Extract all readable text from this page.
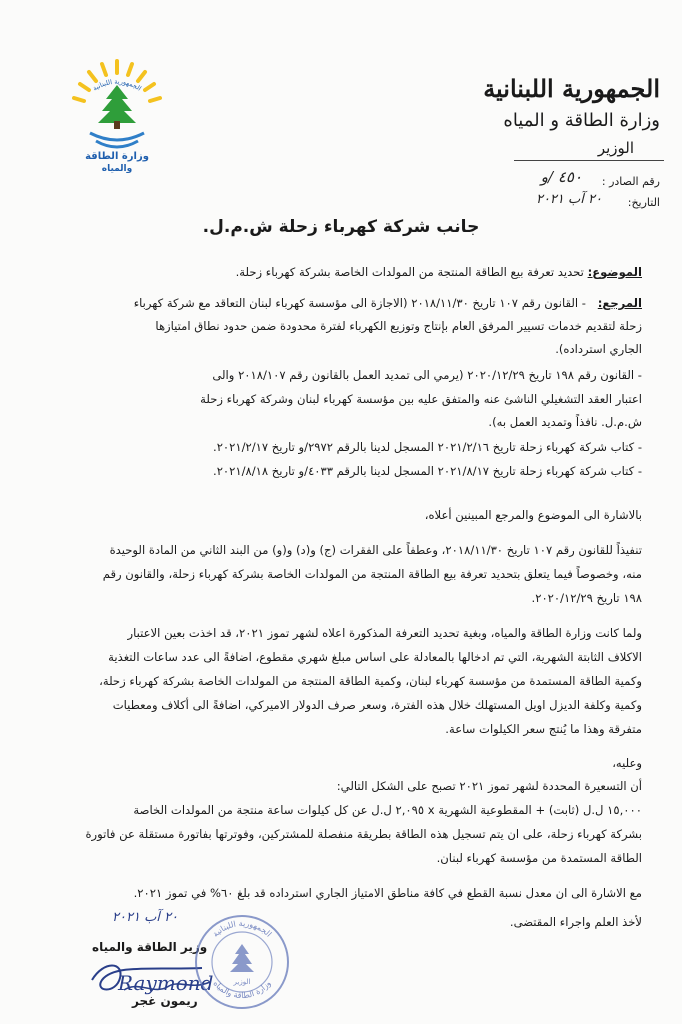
الجمهورية اللبنانية
وزارة الطاقة
والمياه
الجمهورية اللبنانية
وزارة الطاقة و المياه
الوزير
رقم الصادر :
٤٥٠ /و
التاريخ:
٢٠ آب ٢٠٢١
جانب شركة كهرباء زحلة ش.م.ل.
الموضوع: تحديد تعرفة بيع الطاقة المنتجة من المولدات الخاصة بشركة كهرباء زحلة.
المرجع:
- القانون رقم ١٠٧ تاريخ ٢٠١٨/١١/٣٠ (الاجازة الى مؤسسة كهرباء لبنان التعاقد مع شركة كهرباء
زحلة لتقديم خدمات تسيير المرفق العام بإنتاج وتوزيع الكهرباء لفترة محدودة ضمن حدود نطاق امتيازها
الجاري استرداده).
- القانون رقم ١٩٨ تاريخ ٢٠٢٠/١٢/٢٩ (يرمي الى تمديد العمل بالقانون رقم ٢٠١٨/١٠٧ والى
اعتبار العقد التشغيلي الناشئ عنه والمتفق عليه بين مؤسسة كهرباء لبنان وشركة كهرباء زحلة
ش.م.ل. نافذاً وتمديد العمل به).
- كتاب شركة كهرباء زحلة تاريخ ٢٠٢١/٢/١٦ المسجل لدينا بالرقم ٢٩٧٢/و تاريخ ٢٠٢١/٢/١٧.
- كتاب شركة كهرباء زحلة تاريخ ٢٠٢١/٨/١٧ المسجل لدينا بالرقم ٤٠٣٣/و تاريخ ٢٠٢١/٨/١٨.
بالاشارة الى الموضوع والمرجع المبينين أعلاه،
تنفيذاً للقانون رقم ١٠٧ تاريخ ٢٠١٨/١١/٣٠، وعطفاً على الفقرات (ج) و(د) و(و) من البند الثاني من المادة الوحيدة
منه، وخصوصاً فيما يتعلق بتحديد تعرفة بيع الطاقة المنتجة من المولدات الخاصة بشركة كهرباء زحلة، والقانون رقم
١٩٨ تاريخ ٢٠٢٠/١٢/٢٩.
ولما كانت وزارة الطاقة والمياه، وبغية تحديد التعرفة المذكورة اعلاه لشهر تموز ٢٠٢١، قد اخذت بعين الاعتبار
الاكلاف الثابتة الشهرية، التي تم ادخالها بالمعادلة على اساس مبلغ شهري مقطوع، اضافةً الى عدد ساعات التغذية
وكمية الطاقة المستمدة من مؤسسة كهرباء لبنان، وكمية الطاقة المنتجة من المولدات الخاصة بشركة كهرباء زحلة،
وكمية وكلفة الديزل اويل المستهلك خلال هذه الفترة، وسعر صرف الدولار الاميركي، اضافةً الى أكلاف ومعطيات
متفرقة وهذا ما يُنتج سعر الكيلوات ساعة.
وعليه،
أن التسعيرة المحددة لشهر تموز ٢٠٢١ تصبح على الشكل التالي:
١٥,٠٠٠ ل.ل (ثابت) + المقطوعية الشهرية x ٢,٠٩٥ ل.ل عن كل كيلوات ساعة منتجة من المولدات الخاصة
بشركة كهرباء زحلة، على ان يتم تسجيل هذه الطاقة بطريقة منفصلة للمشتركين، وفوترتها بفاتورة مستقلة عن فاتورة
الطاقة المستمدة من مؤسسة كهرباء لبنان.
مع الاشارة الى ان معدل نسبة القطع في كافة مناطق الامتياز الجاري استرداده قد بلغ ٦٠% في تموز ٢٠٢١.
لأخذ العلم واجراء المقتضى.
٢٠ آب ٢٠٢١
وزير الطاقة والمياه
Raymond
ريمون غجر
الجمهورية اللبنانية
وزارة الطاقة والمياه
الوزير
